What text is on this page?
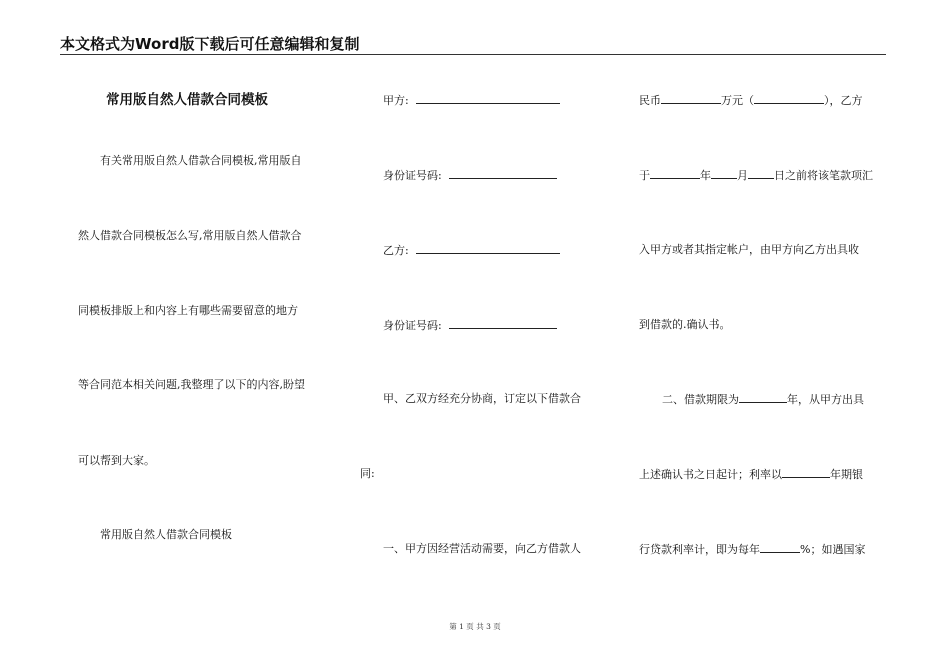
本文格式为Word版下载后可任意编辑和复制
常用版自然人借款合同模板
有关常用版自然人借款合同模板,常用版自
然人借款合同模板怎么写,常用版自然人借款合
同模板排版上和内容上有哪些需要留意的地方
等合同范本相关问题,我整理了以下的内容,盼望
可以帮到大家。
常用版自然人借款合同模板
甲方:
身份证号码:
乙方:
身份证号码:
甲、乙双方经充分协商，订定以下借款合
同:
一、甲方因经营活动需要，向乙方借款人
民币	万元（	），乙方
于	年 月 日之前将该笔款项汇
入甲方或者其指定帐户，由甲方向乙方出具收
到借款的.确认书。
二、借款期限为	年，从甲方出具
上述确认书之日起计；利率以	年期银
行贷款利率计，即为每年	%；如遇国家
第 1 页 共 3 页
